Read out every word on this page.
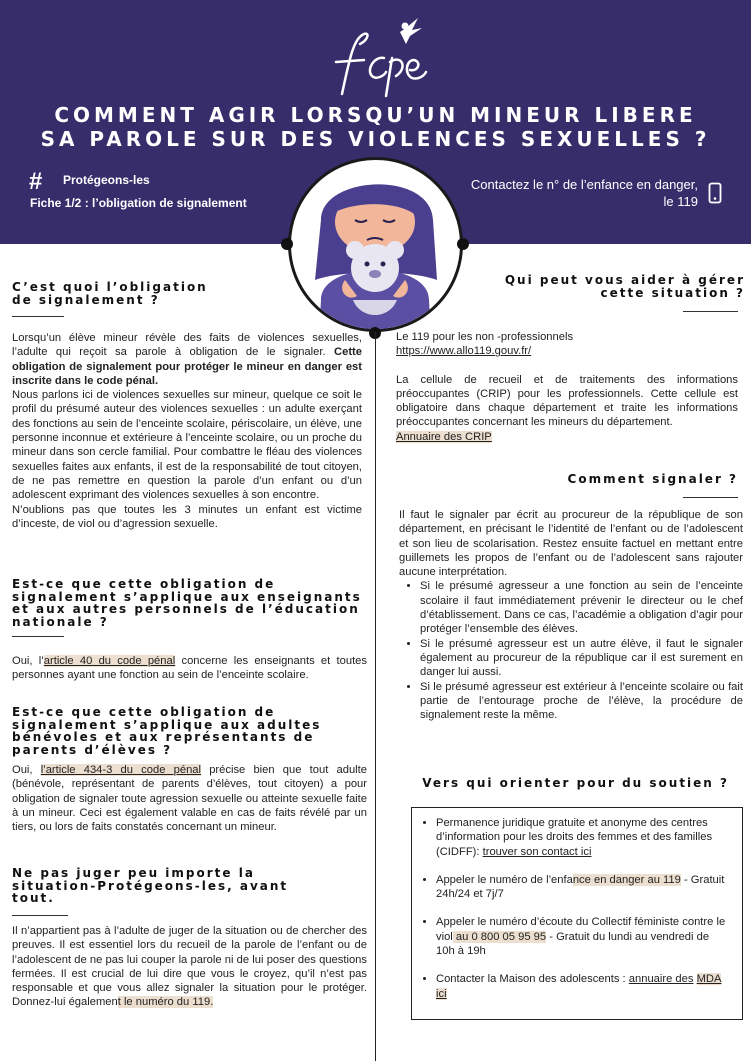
COMMENT AGIR LORSQU’UN MINEUR LIBERE
SA PAROLE SUR DES VIOLENCES SEXUELLES ?
# Protégeons-les
Fiche 1/2 : l’obligation de signalement
Contactez le n° de l’enfance en danger, le 119
C’est quoi l’obligation de signalement ?
Lorsqu’un élève mineur révèle des faits de violences sexuelles, l’adulte qui reçoit sa parole à obligation de le signaler. Cette obligation de signalement pour protéger le mineur en danger est inscrite dans le code pénal.
Nous parlons ici de violences sexuelles sur mineur, quelque ce soit le profil du présumé auteur des violences sexuelles : un adulte exerçant des fonctions au sein de l’enceinte scolaire, périscolaire, un élève, une personne inconnue et extérieure à l’enceinte scolaire, ou un proche du mineur dans son cercle familial. Pour combattre le fléau des violences sexuelles faites aux enfants, il est de la responsabilité de tout citoyen, de ne pas remettre en question la parole d’un enfant ou d’un adolescent exprimant des violences sexuelles à son encontre.
N’oublions pas que toutes les 3 minutes un enfant est victime d’inceste, de viol ou d’agression sexuelle.
Est-ce que cette obligation de signalement s’applique aux enseignants et aux autres personnels de l’éducation nationale ?
Oui, l’article 40 du code pénal concerne les enseignants et toutes personnes ayant une fonction au sein de l’enceinte scolaire.
Est-ce que cette obligation de signalement s’applique aux adultes bénévoles et aux représentants de parents d’élèves ?
Oui, l’article 434-3 du code pénal précise bien que tout adulte (bénévole, représentant de parents d’élèves, tout citoyen) a pour obligation de signaler toute agression sexuelle ou atteinte sexuelle faite à un mineur. Ceci est également valable en cas de faits révélé par un tiers, ou lors de faits constatés concernant un mineur.
Ne pas juger peu importe la situation-Protégeons-les, avant tout.
Il n’appartient pas à l’adulte de juger de la situation ou de chercher des preuves. Il est essentiel lors du recueil de la parole de l’enfant ou de l’adolescent de ne pas lui couper la parole ni de lui poser des questions fermées. Il est crucial de lui dire que vous le croyez, qu’il n’est pas responsable et que vous allez signaler la situation pour le protéger. Donnez-lui également le numéro du 119.
Qui peut vous aider à gérer cette situation ?
Le 119 pour les non -professionnels
https://www.allo119.gouv.fr/
La cellule de recueil et de traitements des informations préoccupantes (CRIP) pour les professionnels. Cette cellule est obligatoire dans chaque département et traite les informations préoccupantes concernant les mineurs du département.
Annuaire des CRIP
Comment signaler ?
Il faut le signaler par écrit au procureur de la république de son département, en précisant le l’identité de l’enfant ou de l’adolescent et son lieu de scolarisation. Restez ensuite factuel en mettant entre guillemets les propos de l’enfant ou de l’adolescent sans rajouter aucune interprétation.
• Si le présumé agresseur a une fonction au sein de l’enceinte scolaire il faut immédiatement prévenir le directeur ou le chef d’établissement. Dans ce cas, l’académie a obligation d’agir pour protéger l’ensemble des élèves.
• Si le présumé agresseur est un autre élève, il faut le signaler également au procureur de la république car il est surement en danger lui aussi.
• Si le présumé agresseur est extérieur à l’enceinte scolaire ou fait partie de l’entourage proche de l’élève, la procédure de signalement reste la même.
Vers qui orienter pour du soutien ?
• Permanence juridique gratuite et anonyme des centres d’information pour les droits des femmes et des familles (CIDFF): trouver son contact ici
• Appeler le numéro de l’enfance en danger au 119 - Gratuit 24h/24 et 7j/7
• Appeler le numéro d’écoute du Collectif féministe contre le viol au 0 800 05 95 95 - Gratuit du lundi au vendredi de 10h à 19h
• Contacter la Maison des adolescents : annuaire des MDA ici
